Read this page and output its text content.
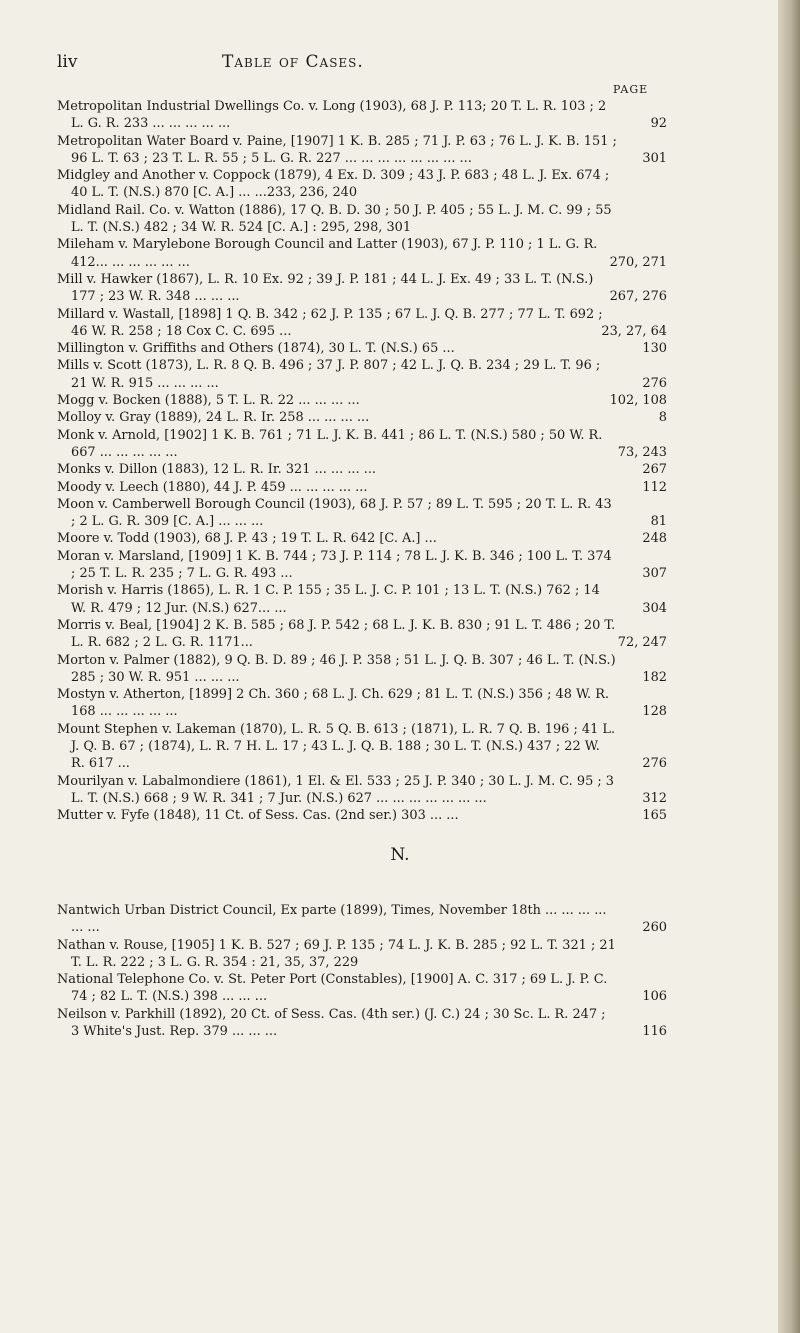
liv	Table of Cases.
PAGE
Metropolitan Industrial Dwellings Co. v. Long (1903), 68 J. P. 113; 20 T. L. R. 103 ; 2 L. G. R. 233 ... ... ... ... ...	92
Metropolitan Water Board v. Paine, [1907] 1 K. B. 285 ; 71 J. P. 63 ; 76 L. J. K. B. 151 ; 96 L. T. 63 ; 23 T. L. R. 55 ; 5 L. G. R. 227 ... ... ... ... ... ... ... ...	301
Midgley and Another v. Coppock (1879), 4 Ex. D. 309 ; 43 J. P. 683 ; 48 L. J. Ex. 674 ; 40 L. T. (N.S.) 870 [C. A.] ... ...233, 236, 240
Midland Rail. Co. v. Watton (1886), 17 Q. B. D. 30 ; 50 J. P. 405 ; 55 L. J. M. C. 99 ; 55 L. T. (N.S.) 482 ; 34 W. R. 524 [C. A.] : 295, 298, 301
Mileham v. Marylebone Borough Council and Latter (1903), 67 J. P. 110 ; 1 L. G. R. 412... ... ... ... ... ...	270, 271
Mill v. Hawker (1867), L. R. 10 Ex. 92 ; 39 J. P. 181 ; 44 L. J. Ex. 49 ; 33 L. T. (N.S.) 177 ; 23 W. R. 348 ... ... ...	267, 276
Millard v. Wastall, [1898] 1 Q. B. 342 ; 62 J. P. 135 ; 67 L. J. Q. B. 277 ; 77 L. T. 692 ; 46 W. R. 258 ; 18 Cox C. C. 695 ...	23, 27, 64
Millington v. Griffiths and Others (1874), 30 L. T. (N.S.) 65 ...	130
Mills v. Scott (1873), L. R. 8 Q. B. 496 ; 37 J. P. 807 ; 42 L. J. Q. B. 234 ; 29 L. T. 96 ; 21 W. R. 915 ... ... ... ...	276
Mogg v. Bocken (1888), 5 T. L. R. 22 ... ... ... ...	102, 108
Molloy v. Gray (1889), 24 L. R. Ir. 258 ... ... ... ...	8
Monk v. Arnold, [1902] 1 K. B. 761 ; 71 L. J. K. B. 441 ; 86 L. T. (N.S.) 580 ; 50 W. R. 667 ... ... ... ... ...	73, 243
Monks v. Dillon (1883), 12 L. R. Ir. 321 ... ... ... ...	267
Moody v. Leech (1880), 44 J. P. 459 ... ... ... ... ...	112
Moon v. Camberwell Borough Council (1903), 68 J. P. 57 ; 89 L. T. 595 ; 20 T. L. R. 43 ; 2 L. G. R. 309 [C. A.] ... ... ...	81
Moore v. Todd (1903), 68 J. P. 43 ; 19 T. L. R. 642 [C. A.] ...	248
Moran v. Marsland, [1909] 1 K. B. 744 ; 73 J. P. 114 ; 78 L. J. K. B. 346 ; 100 L. T. 374 ; 25 T. L. R. 235 ; 7 L. G. R. 493 ...	307
Morish v. Harris (1865), L. R. 1 C. P. 155 ; 35 L. J. C. P. 101 ; 13 L. T. (N.S.) 762 ; 14 W. R. 479 ; 12 Jur. (N.S.) 627... ...	304
Morris v. Beal, [1904] 2 K. B. 585 ; 68 J. P. 542 ; 68 L. J. K. B. 830 ; 91 L. T. 486 ; 20 T. L. R. 682 ; 2 L. G. R. 1171...	72, 247
Morton v. Palmer (1882), 9 Q. B. D. 89 ; 46 J. P. 358 ; 51 L. J. Q. B. 307 ; 46 L. T. (N.S.) 285 ; 30 W. R. 951 ... ... ...	182
Mostyn v. Atherton, [1899] 2 Ch. 360 ; 68 L. J. Ch. 629 ; 81 L. T. (N.S.) 356 ; 48 W. R. 168 ... ... ... ... ...	128
Mount Stephen v. Lakeman (1870), L. R. 5 Q. B. 613 ; (1871), L. R. 7 Q. B. 196 ; 41 L. J. Q. B. 67 ; (1874), L. R. 7 H. L. 17 ; 43 L. J. Q. B. 188 ; 30 L. T. (N.S.) 437 ; 22 W. R. 617 ...	276
Mourilyan v. Labalmondiere (1861), 1 El. & El. 533 ; 25 J. P. 340 ; 30 L. J. M. C. 95 ; 3 L. T. (N.S.) 668 ; 9 W. R. 341 ; 7 Jur. (N.S.) 627 ... ... ... ... ... ... ...	312
Mutter v. Fyfe (1848), 11 Ct. of Sess. Cas. (2nd ser.) 303 ... ...	165
N.
Nantwich Urban District Council, Ex parte (1899), Times, November 18th ... ... ... ... ... ...	260
Nathan v. Rouse, [1905] 1 K. B. 527 ; 69 J. P. 135 ; 74 L. J. K. B. 285 ; 92 L. T. 321 ; 21 T. L. R. 222 ; 3 L. G. R. 354 : 21, 35, 37, 229
National Telephone Co. v. St. Peter Port (Constables), [1900] A. C. 317 ; 69 L. J. P. C. 74 ; 82 L. T. (N.S.) 398 ... ... ...	106
Neilson v. Parkhill (1892), 20 Ct. of Sess. Cas. (4th ser.) (J. C.) 24 ; 30 Sc. L. R. 247 ; 3 White's Just. Rep. 379 ... ... ...	116
